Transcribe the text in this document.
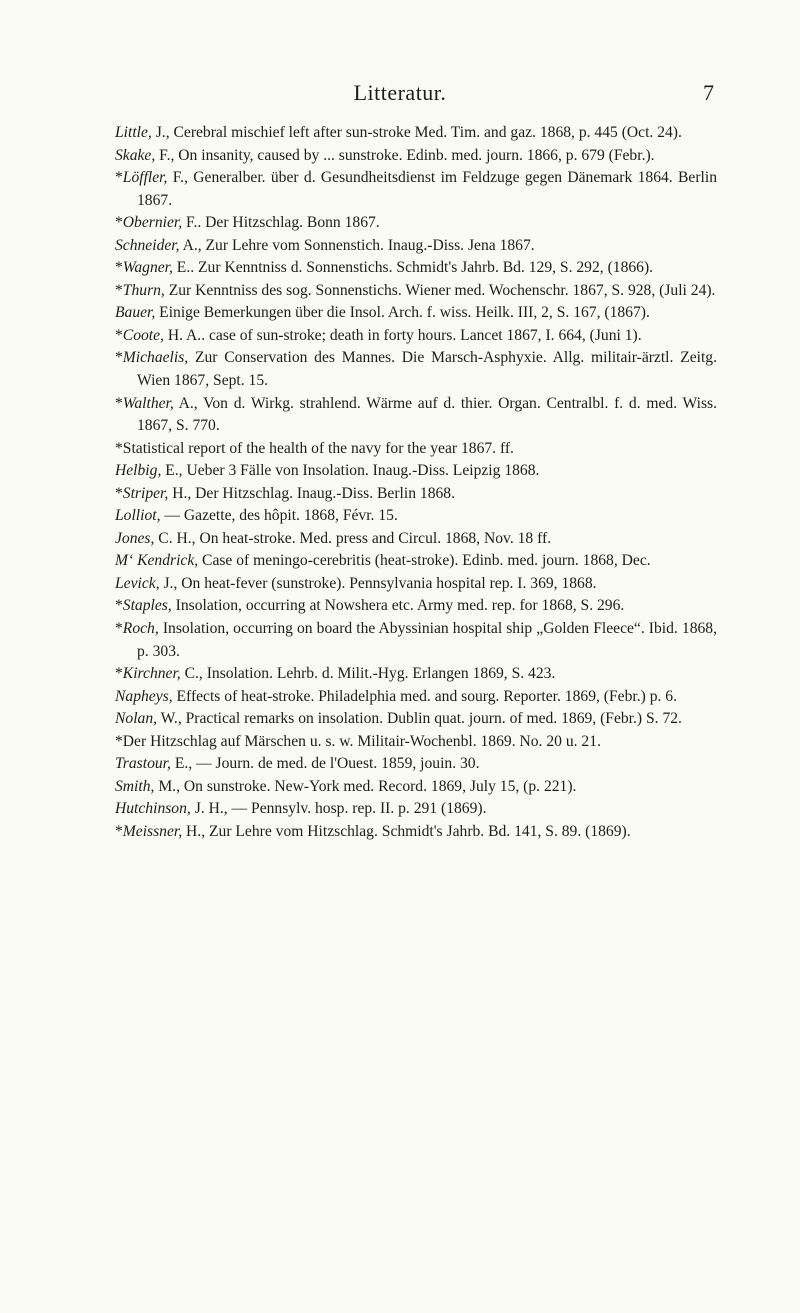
Litteratur.	7
Little, J., Cerebral mischief left after sun-stroke Med. Tim. and gaz. 1868, p. 445 (Oct. 24).
Skake, F., On insanity, caused by ... sunstroke. Edinb. med. journ. 1866, p. 679 (Febr.).
*Löffler, F., Generalber. über d. Gesundheitsdienst im Feldzuge gegen Dänemark 1864. Berlin 1867.
*Obernier, F.. Der Hitzschlag. Bonn 1867.
Schneider, A., Zur Lehre vom Sonnenstich. Inaug.-Diss. Jena 1867.
*Wagner, E.. Zur Kenntniss d. Sonnenstichs. Schmidt's Jahrb. Bd. 129, S. 292, (1866).
*Thurn, Zur Kenntniss des sog. Sonnenstichs. Wiener med. Wochenschr. 1867, S. 928, (Juli 24).
Bauer, Einige Bemerkungen über die Insol. Arch. f. wiss. Heilk. III, 2, S. 167, (1867).
*Coote, H. A.. case of sun-stroke; death in forty hours. Lancet 1867, I. 664, (Juni 1).
*Michaelis, Zur Conservation des Mannes. Die Marsch-Asphyxie. Allg. militair-ärztl. Zeitg. Wien 1867, Sept. 15.
*Walther, A., Von d. Wirkg. strahlend. Wärme auf d. thier. Organ. Centralbl. f. d. med. Wiss. 1867, S. 770.
*Statistical report of the health of the navy for the year 1867. ff.
Helbig, E., Ueber 3 Fälle von Insolation. Inaug.-Diss. Leipzig 1868.
*Striper, H., Der Hitzschlag. Inaug.-Diss. Berlin 1868.
Lolliot, — Gazette, des hôpit. 1868, Févr. 15.
Jones, C. H., On heat-stroke. Med. press and Circul. 1868, Nov. 18 ff.
Mʻ Kendrick, Case of meningo-cerebritis (heat-stroke). Edinb. med. journ. 1868, Dec.
Levick, J., On heat-fever (sunstroke). Pennsylvania hospital rep. I. 369, 1868.
*Staples, Insolation, occurring at Nowshera etc. Army med. rep. for 1868, S. 296.
*Roch, Insolation, occurring on board the Abyssinian hospital ship „Golden Fleece“. Ibid. 1868, p. 303.
*Kirchner, C., Insolation. Lehrb. d. Milit.-Hyg. Erlangen 1869, S. 423.
Napheys, Effects of heat-stroke. Philadelphia med. and sourg. Reporter. 1869, (Febr.) p. 6.
Nolan, W., Practical remarks on insolation. Dublin quat. journ. of med. 1869, (Febr.) S. 72.
*Der Hitzschlag auf Märschen u. s. w. Militair-Wochenbl. 1869. No. 20 u. 21.
Trastour, E., — Journ. de med. de l'Ouest. 1859, jouin. 30.
Smith, M., On sunstroke. New-York med. Record. 1869, July 15, (p. 221).
Hutchinson, J. H., — Pennsylv. hosp. rep. II. p. 291 (1869).
*Meissner, H., Zur Lehre vom Hitzschlag. Schmidt's Jahrb. Bd. 141, S. 89. (1869).
